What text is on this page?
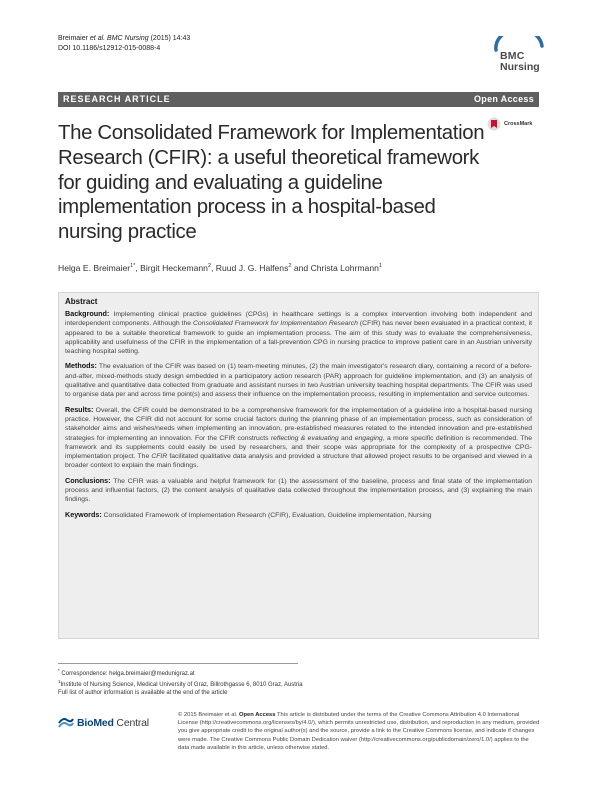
Breimaier et al. BMC Nursing (2015) 14:43
DOI 10.1186/s12912-015-0088-4
BMC
Nursing
RESEARCH ARTICLE	Open Access
CrossMark
The Consolidated Framework for Implementation Research (CFIR): a useful theoretical framework for guiding and evaluating a guideline implementation process in a hospital-based nursing practice
Helga E. Breimaier$^{1*}$, Birgit Heckemann$^2$, Ruud J. G. Halfens$^2$ and Christa Lohrmann$^1$
Abstract

Background: Implementing clinical practice guidelines (CPGs) in healthcare settings is a complex intervention involving both independent and interdependent components. Although the Consolidated Framework for Implementation Research (CFIR) has never been evaluated in a practical context, it appeared to be a suitable theoretical framework to guide an implementation process. The aim of this study was to evaluate the comprehensiveness, applicability and usefulness of the CFIR in the implementation of a fall-prevention CPG in nursing practice to improve patient care in an Austrian university teaching hospital setting.

Methods: The evaluation of the CFIR was based on (1) team-meeting minutes, (2) the main investigator's research diary, containing a record of a before-and-after, mixed-methods study design embedded in a participatory action research (PAR) approach for guideline implementation, and (3) an analysis of qualitative and quantitative data collected from graduate and assistant nurses in two Austrian university teaching hospital departments. The CFIR was used to organise data per and across time point(s) and assess their influence on the implementation process, resulting in implementation and service outcomes.

Results: Overall, the CFIR could be demonstrated to be a comprehensive framework for the implementation of a guideline into a hospital-based nursing practice. However, the CFIR did not account for some crucial factors during the planning phase of an implementation process, such as consideration of stakeholder aims and wishes/needs when implementing an innovation, pre-established measures related to the intended innovation and pre-established strategies for implementing an innovation. For the CFIR constructs reflecting & evaluating and engaging, a more specific definition is recommended. The framework and its supplements could easily be used by researchers, and their scope was appropriate for the complexity of a prospective CPG-implementation project. The CFIR facilitated qualitative data analysis and provided a structure that allowed project results to be organised and viewed in a broader context to explain the main findings.

Conclusions: The CFIR was a valuable and helpful framework for (1) the assessment of the baseline, process and final state of the implementation process and influential factors, (2) the content analysis of qualitative data collected throughout the implementation process, and (3) explaining the main findings.

Keywords: Consolidated Framework of Implementation Research (CFIR), Evaluation, Guideline implementation, Nursing

* Correspondence: helga.breimaier@medunigraz.at
$^1$Institute of Nursing Science, Medical University of Graz, Billrothgasse 6, 8010 Graz, Austria
Full list of author information is available at the end of the article
BioMed Central
© 2015 Breimaier et al. Open Access This article is distributed under the terms of the Creative Commons Attribution 4.0 International License (http://creativecommons.org/licenses/by/4.0/), which permits unrestricted use, distribution, and reproduction in any medium, provided you give appropriate credit to the original author(s) and the source, provide a link to the Creative Commons license, and indicate if changes were made. The Creative Commons Public Domain Dedication waiver (http://creativecommons.org/publicdomain/zero/1.0/) applies to the data made available in this article, unless otherwise stated.
